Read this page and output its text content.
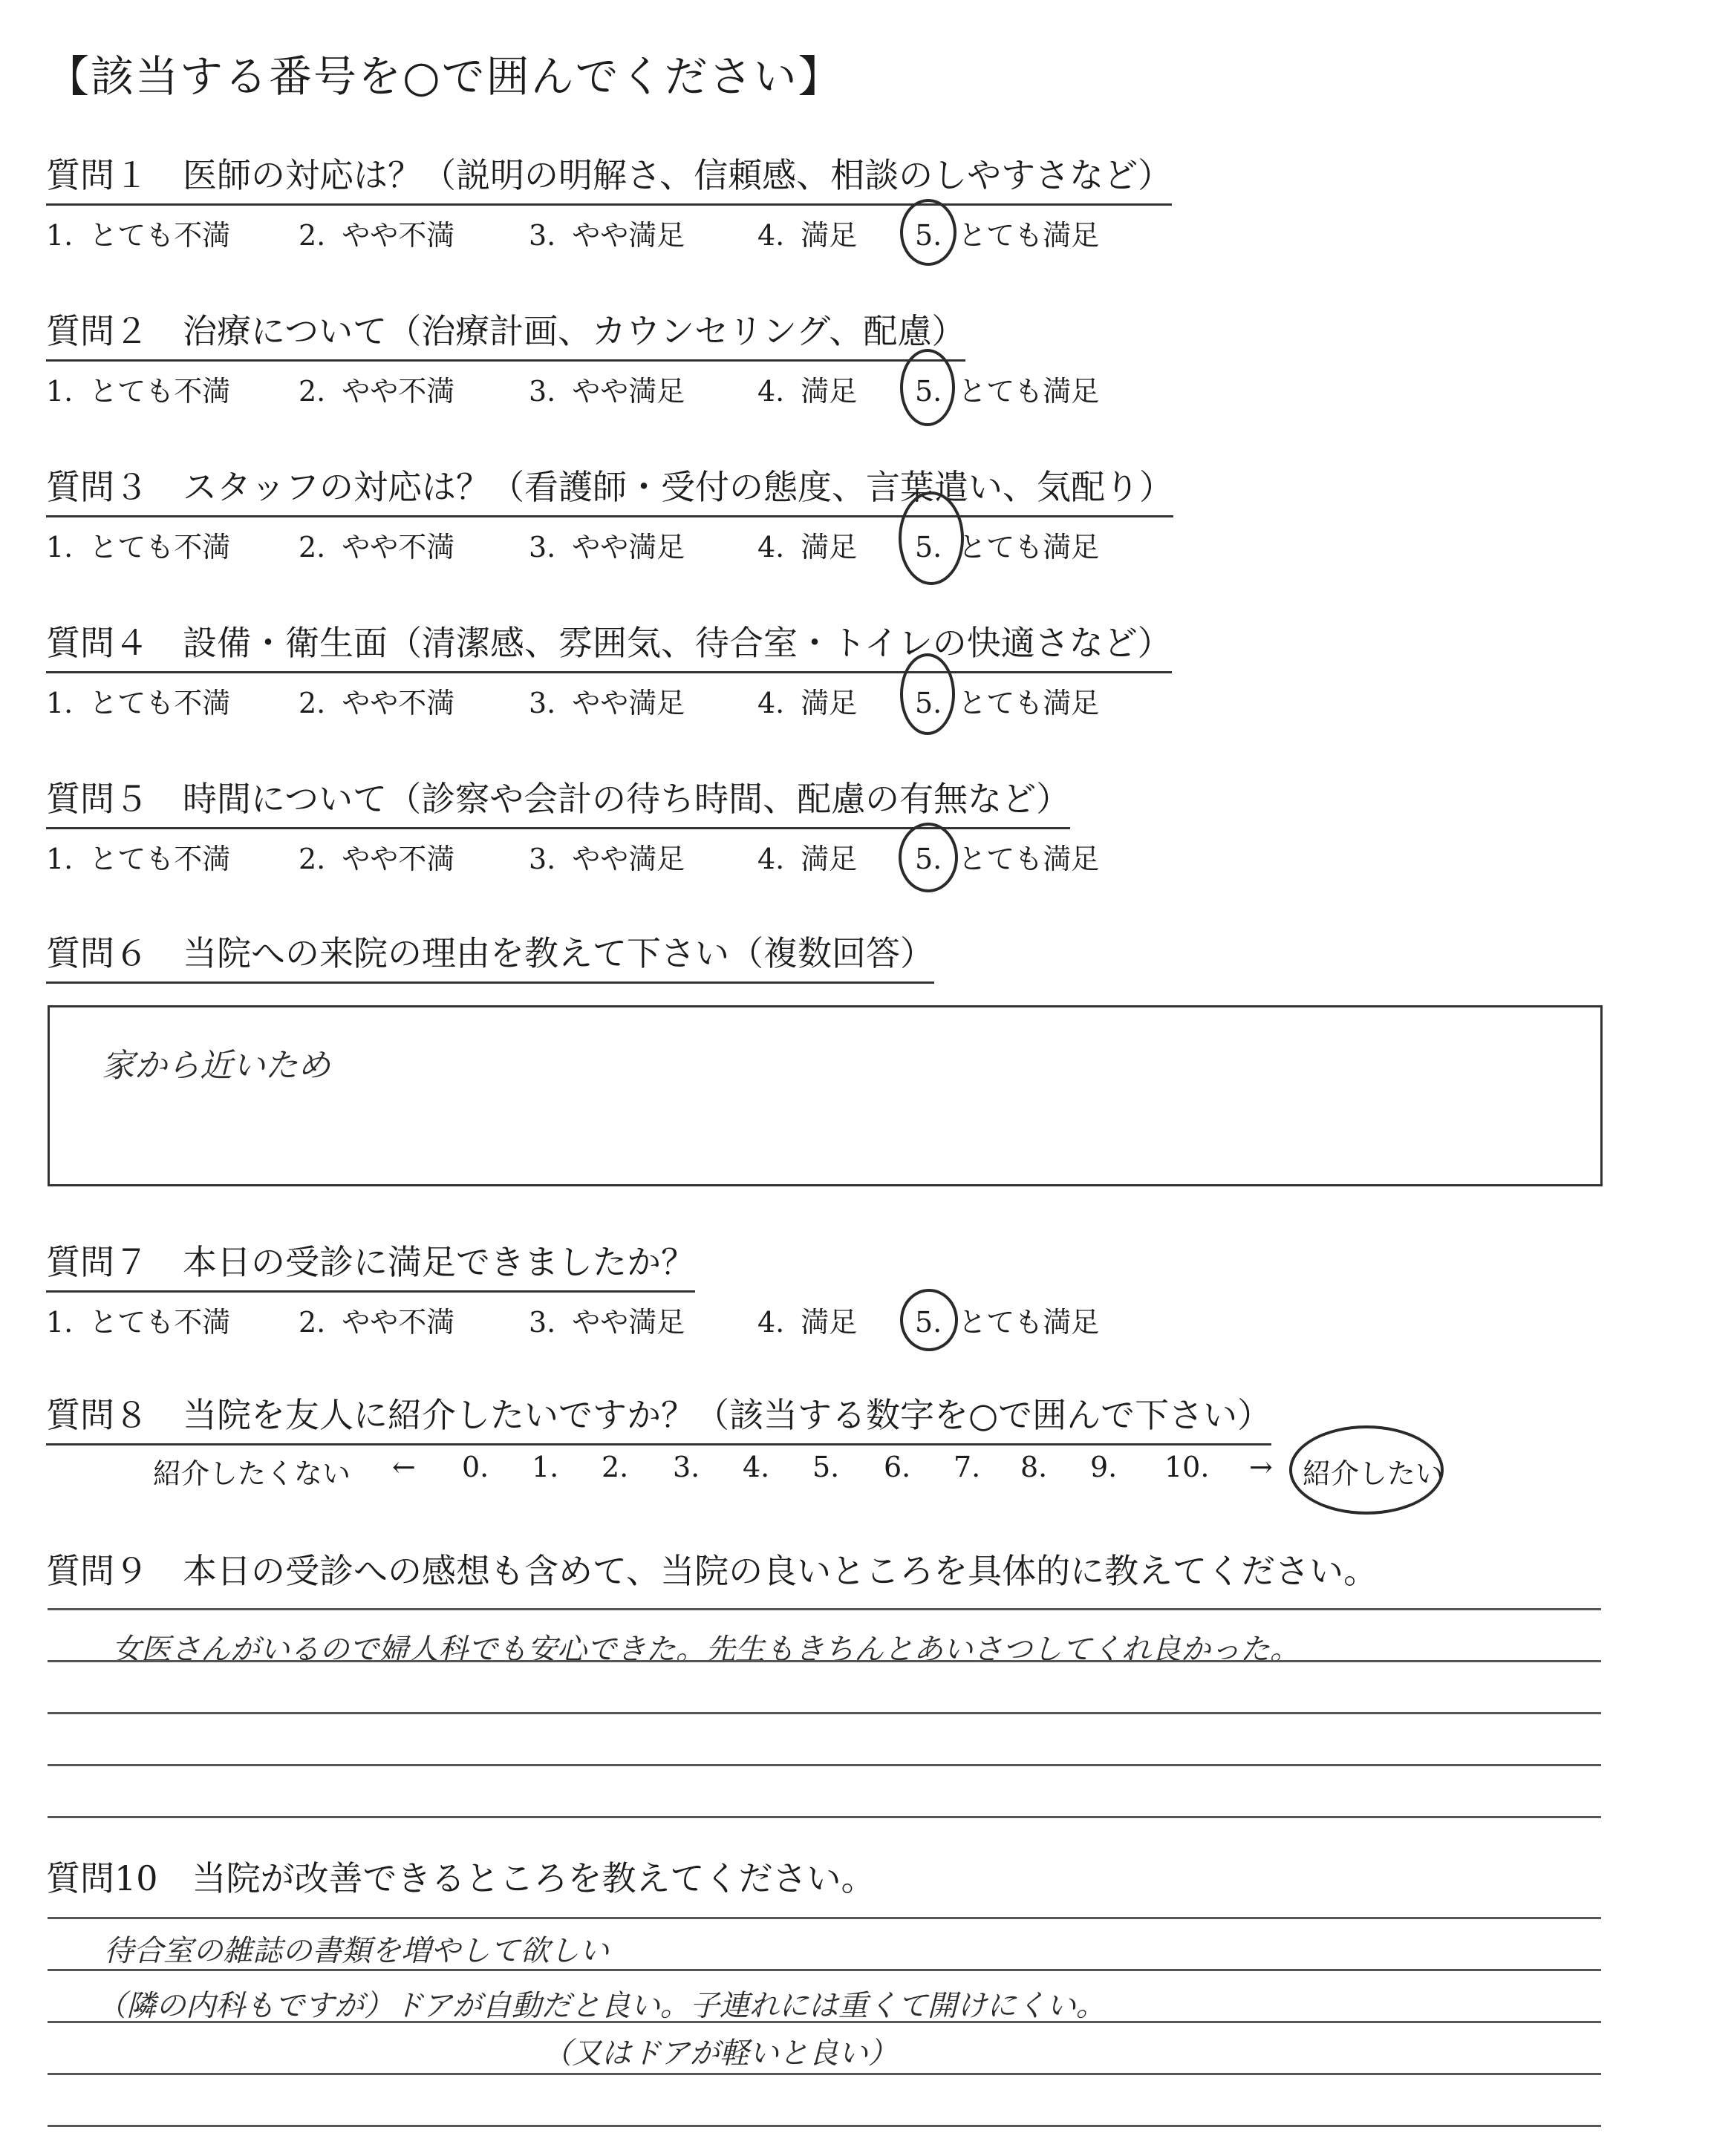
【該当する番号を○で囲んでください】
質問１ 医師の対応は？（説明の明解さ、信頼感、相談のしやすさなど）
1. とても不満 2. やや不満	3. やや満足	4. 満足 5. とても満足
質問２ 治療について（治療計画、カウンセリング、配慮）
1. とても不満 2. やや不満	3. やや満足	4. 満足 5. とても満足
質問３ スタッフの対応は？（看護師・受付の態度、言葉遣い、気配り）
1. とても不満 2. やや不満	3. やや満足	4. 満足 5. とても満足
質問４ 設備・衛生面（清潔感、雰囲気、待合室・トイレの快適さなど）
1. とても不満 2. やや不満	3. やや満足	4. 満足 5. とても満足
質問５ 時間について（診察や会計の待ち時間、配慮の有無など）
1. とても不満 2. やや不満	3. やや満足	4. 満足 5. とても満足
質問６ 当院への来院の理由を教えて下さい（複数回答）
家から近いため
質問７ 本日の受診に満足できましたか？
1. とても不満 2. やや不満	3. やや満足	4. 満足 5. とても満足
質問８ 当院を友人に紹介したいですか？（該当する数字を○で囲んで下さい）
紹介したくない ← 0. 1. 2. 3. 4. 5. 6. 7. 8. 9. 10. → 紹介したい
質問９ 本日の受診への感想も含めて、当院の良いところを具体的に教えてください。
女医さんがいるので婦人科でも安心できた。先生もきちんとあいさつしてくれ良かった。
質問10 当院が改善できるところを教えてください。
待合室の雑誌の書類を増やして欲しい
（隣の内科もですが）ドアが自動だと良い。子連れには重くて開けにくい。
（又はドアが軽いと良い）
